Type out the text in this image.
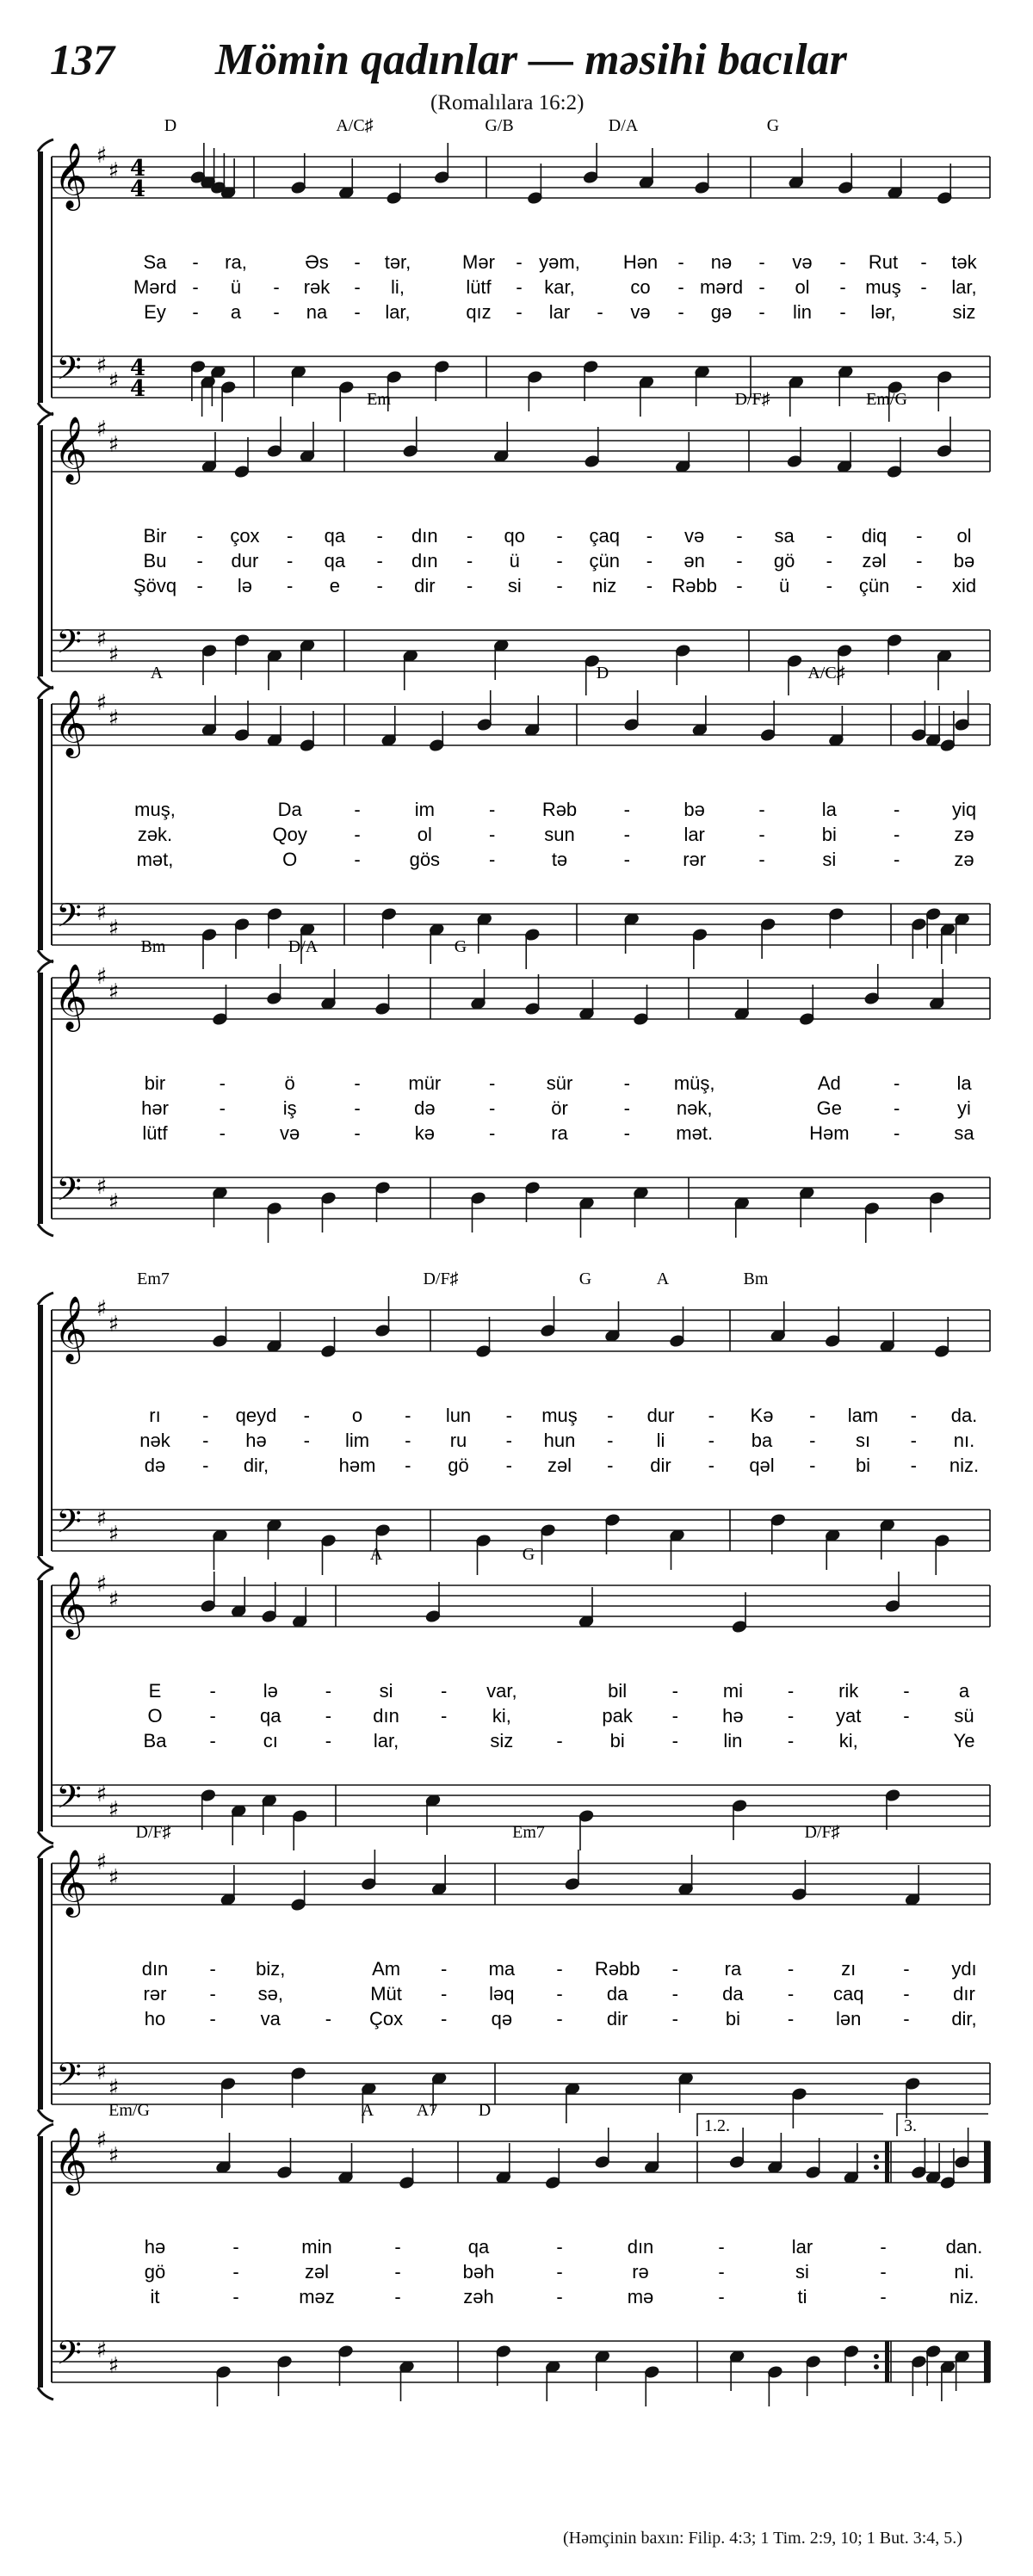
137 Mömin qadınlar — məsihi bacılar
(Romalılara 16:2)
𝄞
𝄢
♯
♯
♯
♯
4
4
4
4
D	A/C♯	G/B	D/A	G
Sa - ra,	Əs - tər,	Mər - yəm, Hən - nə - və - Rut - tək
Mərd - ü - rək - li,	lütf - kar,	co - mərd - ol - muş - lar,
Ey - a - na - lar,	qız - lar - və - gə - lin - lər,	siz
𝄞
𝄢
♯
♯
♯
♯
Em	D/F♯	Em/G
Bir - çox - qa - dın - qo - çaq - və - sa - diq - ol
Bu - dur - qa - dın - ü - çün - ən - gö - zəl - bə
Şövq - lə - e - dir - si - niz - Rəbb - ü - çün - xid
𝄞
𝄢
♯
♯
♯
♯
A	D	A/C♯
muş,	Da	-	im	- Rəb -	bə	-	la	-	yiq
zək.	Qoy -	ol	-	sun	-	lar	-	bi	-	zə
mət,	O	-	gös	-	tə	-	rər	-	si	-	zə
𝄞
𝄢
♯
♯
♯
♯
Bm	D/A	G
bir	-	ö	-	mür	-	sür	- müş,	Ad	-	la
hər	-	iş	-	də	-	ör	- nək,	Ge	-	yi
lütf	-	və	-	kə	-	ra	- mət.	Həm -	sa
𝄞
𝄢
♯
♯
♯
♯
Em7	D/F♯	G	A	Bm
rı - qeyd - o - lun - muş - dur - Kə - lam - da.
nək - hə - lim - ru - hun - li - ba - sı - nı.
də - dir,	həm - gö - zəl - dir - qəl - bi - niz.
𝄞
𝄢
♯
♯
♯
♯
A	G
E	- lə -	si	- var,	bil - mi - rik -	a
O - qa - dın - ki,	pak - hə - yat - sü
Ba - cı - lar,	siz - bi - lin - ki,	Ye
𝄞
𝄢
♯
♯
♯
♯
D/F♯	Em7	D/F♯
dın - biz,	Am - ma - Rəbb - ra - zı - ydı
rər - sə,	Müt - ləq - da - da - caq - dır
ho - va - Çox - qə - dir - bi - lən - dir,
𝄞
𝄢
♯
♯
♯
♯
Em/G	A A7 D
hə	-	min	-	qa	-	dın	-	lar	-	dan.
gö	-	zəl	-	bəh	-	rə	-	si	-	ni.
it	-	məz	-	zəh	-	mə	-	ti	-	niz.
1.2.	3.
(Həmçinin baxın: Filip. 4:3; 1 Tim. 2:9, 10; 1 But. 3:4, 5.)
